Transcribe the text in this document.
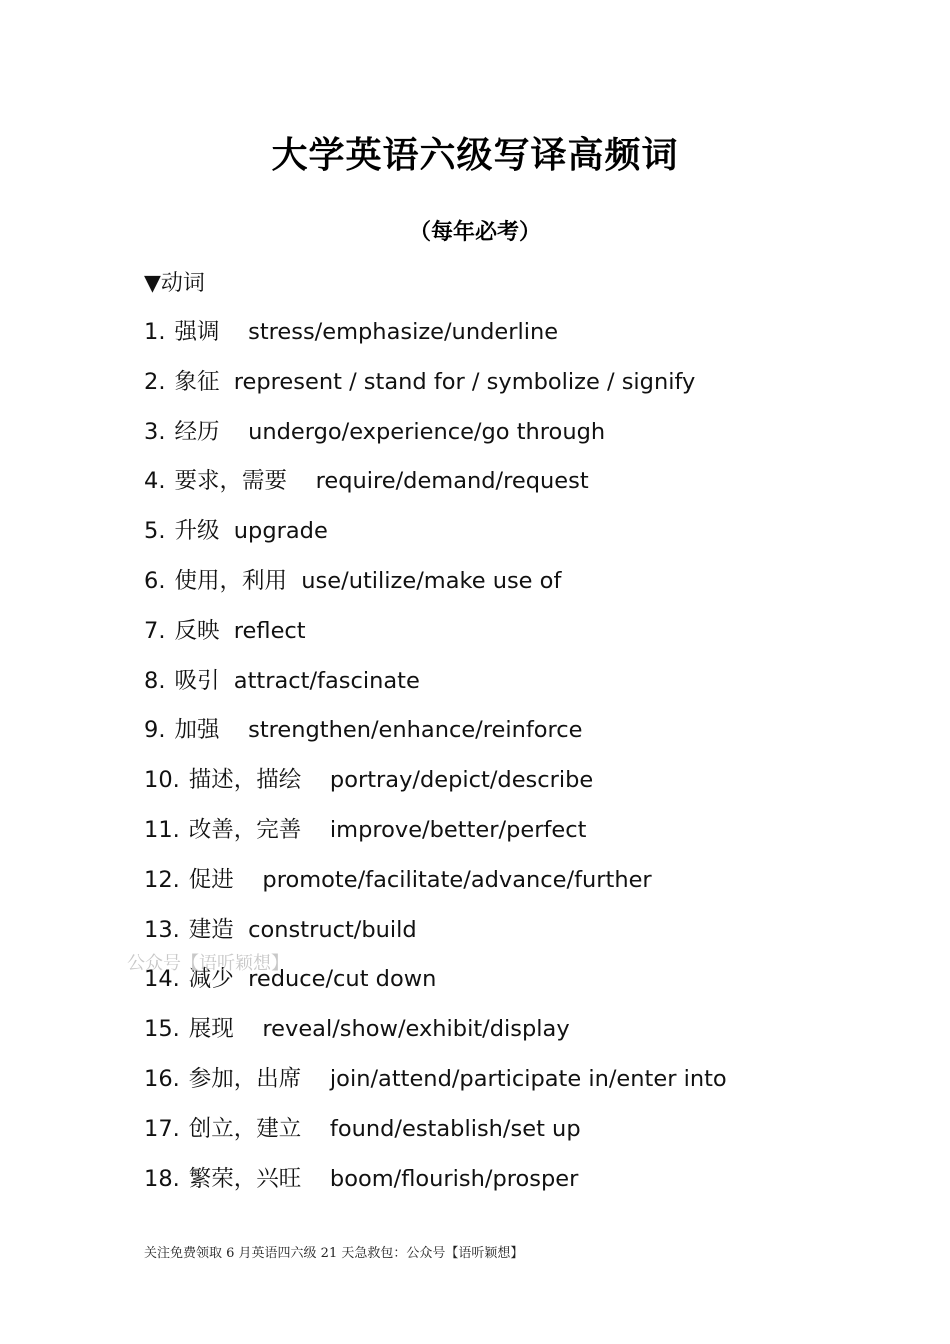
大学英语六级写译高频词
（每年必考）
▼动词
1. 强调 stress/emphasize/underline
2. 象征 represent / stand for / symbolize / signify
3. 经历 undergo/experience/go through
4. 要求，需要 require/demand/request
5. 升级 upgrade
6. 使用，利用 use/utilize/make use of
7. 反映 reflect
8. 吸引 attract/fascinate
9. 加强 strengthen/enhance/reinforce
10. 描述，描绘 portray/depict/describe
11. 改善，完善 improve/better/perfect
12. 促进 promote/facilitate/advance/further
13. 建造 construct/build
14. 减少 reduce/cut down
15. 展现 reveal/show/exhibit/display
16. 参加，出席 join/attend/participate in/enter into
17. 创立，建立 found/establish/set up
18. 繁荣，兴旺 boom/flourish/prosper
公众号【语听颖想】
关注免费领取 6 月英语四六级 21 天急救包：公众号【语听颖想】
